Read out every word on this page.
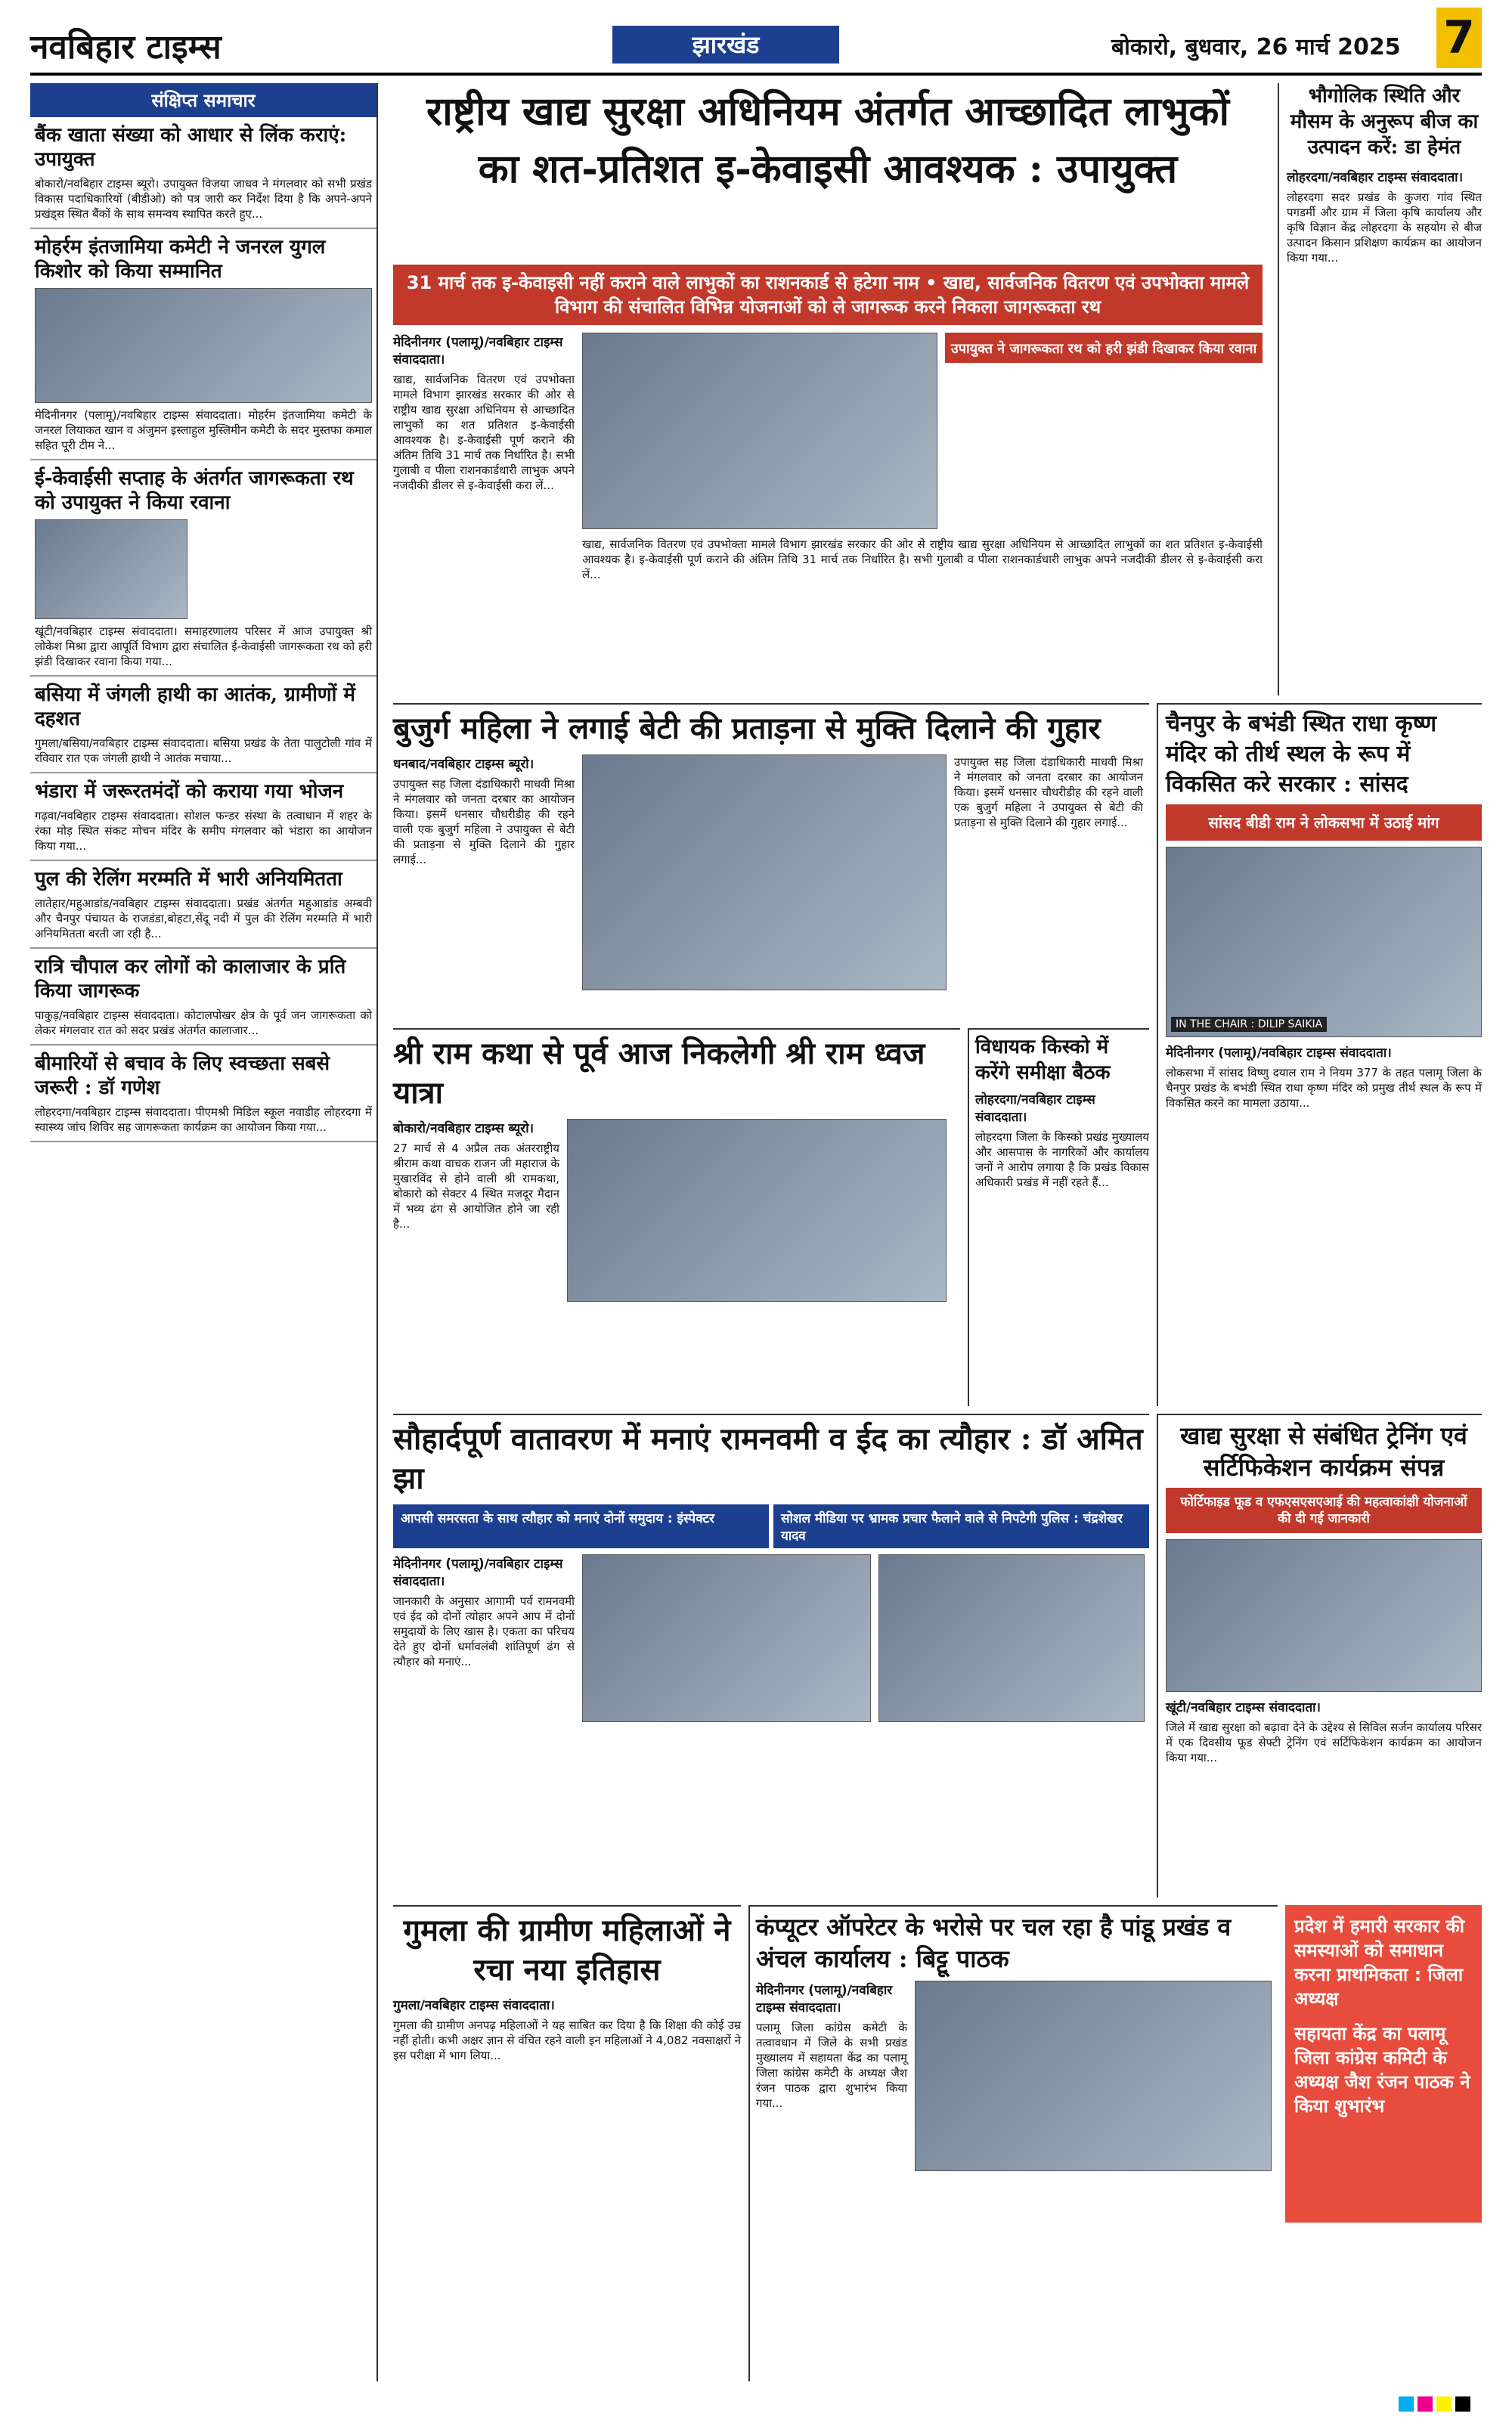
नवबिहार टाइम्स	झारखंड	बोकारो, बुधवार, 26 मार्च 2025 7
संक्षिप्त समाचार
बैंक खाता संख्या को आधार से लिंक कराएं: उपायुक्त

बोकारो/नवबिहार टाइम्स ब्यूरो। उपायुक्त विजया जाधव ने मंगलवार को सभी प्रखंड विकास पदाधिकारियों (बीडीओ) को पत्र जारी कर निर्देश दिया है कि अपने-अपने प्रखंड्स स्थित बैंकों के साथ समन्वय स्थापित करते हुए...

मोहर्रम इंतजामिया कमेटी ने जनरल युगल किशोर को किया सम्मानित

मेदिनीनगर (पलामू)/नवबिहार टाइम्स संवाददाता। मोहर्रम इंतजामिया कमेटी के जनरल लियाकत खान व अंजुमन इस्लाहुल मुस्लिमीन कमेटी के सदर मुस्तफा कमाल सहित पूरी टीम ने...

ई-केवाईसी सप्ताह के अंतर्गत जागरूकता रथ को उपायुक्त ने किया रवाना

खूंटी/नवबिहार टाइम्स संवाददाता। समाहरणालय परिसर में आज उपायुक्त श्री लोकेश मिश्रा द्वारा आपूर्ति विभाग द्वारा संचालित ई-केवाईसी जागरूकता रथ को हरी झंडी दिखाकर रवाना किया गया...

बसिया में जंगली हाथी का आतंक, ग्रामीणों में दहशत

गुमला/बसिया/नवबिहार टाइम्स संवाददाता। बसिया प्रखंड के तेता पालुटोली गांव में रविवार रात एक जंगली हाथी ने आतंक मचाया...

भंडारा में जरूरतमंदों को कराया गया भोजन

गढ़वा/नवबिहार टाइम्स संवाददाता। सोशल फन्डर संस्था के तत्वाधान में शहर के रंका मोड़ स्थित संकट मोचन मंदिर के समीप मंगलवार को भंडारा का आयोजन किया गया...

पुल की रेलिंग मरम्मति में भारी अनियमितता

लातेहार/महुआडांड/नवबिहार टाइम्स संवाददाता। प्रखंड अंतर्गत महुआडांड अम्बवी और चैनपुर पंचायत के राजडंडा,बोहटा,सेंदू नदी में पुल की रेलिंग मरम्मति में भारी अनियमितता बरती जा रही है...

रात्रि चौपाल कर लोगों को कालाजार के प्रति किया जागरूक

पाकुड़/नवबिहार टाइम्स संवाददाता। कोटालपोखर क्षेत्र के पूर्व जन जागरूकता को लेकर मंगलवार रात को सदर प्रखंड अंतर्गत कालाजार...

बीमारियों से बचाव के लिए स्वच्छता सबसे जरूरी : डॉ गणेश

लोहरदगा/नवबिहार टाइम्स संवाददाता। पीएमश्री मिडिल स्कूल नवाडीह लोहरदगा में स्वास्थ्य जांच शिविर सह जागरूकता कार्यक्रम का आयोजन किया गया...

राष्ट्रीय खाद्य सुरक्षा अधिनियम अंतर्गत आच्छादित लाभुकों का शत-प्रतिशत इ-केवाइसी आवश्यक : उपायुक्त
31 मार्च तक इ-केवाइसी नहीं कराने वाले लाभुकों का राशनकार्ड से हटेगा नाम • खाद्य, सार्वजनिक वितरण एवं उपभोक्ता मामले विभाग की संचालित विभिन्न योजनाओं को ले जागरूक करने निकला जागरूकता रथ
मेदिनीनगर (पलामू)/नवबिहार टाइम्स संवाददाता।
खाद्य, सार्वजनिक वितरण एवं उपभोक्ता मामले विभाग झारखंड सरकार की ओर से राष्ट्रीय खाद्य सुरक्षा अधिनियम से आच्छादित लाभुकों का शत प्रतिशत इ-केवाईसी आवश्यक है। इ-केवाईसी पूर्ण कराने की अंतिम तिथि 31 मार्च तक निर्धारित है। सभी गुलाबी व पीला राशनकार्डधारी लाभुक अपने नजदीकी डीलर से इ-केवाईसी करा लें...
उपायुक्त ने जागरूकता रथ को हरी झंडी दिखाकर किया रवाना
खाद्य, सार्वजनिक वितरण एवं उपभोक्ता मामले विभाग झारखंड सरकार की ओर से राष्ट्रीय खाद्य सुरक्षा अधिनियम से आच्छादित लाभुकों का शत प्रतिशत इ-केवाईसी आवश्यक है। इ-केवाईसी पूर्ण कराने की अंतिम तिथि 31 मार्च तक निर्धारित है। सभी गुलाबी व पीला राशनकार्डधारी लाभुक अपने नजदीकी डीलर से इ-केवाईसी करा लें...
भौगोलिक स्थिति और मौसम के अनुरूप बीज का उत्पादन करें: डा हेमंत
लोहरदगा/नवबिहार टाइम्स संवाददाता।
लोहरदगा सदर प्रखंड के कुजरा गांव स्थित पगडर्मी और ग्राम में जिला कृषि कार्यालय और कृषि विज्ञान केंद्र लोहरदगा के सहयोग से बीज उत्पादन किसान प्रशिक्षण कार्यक्रम का आयोजन किया गया...
बुजुर्ग महिला ने लगाई बेटी की प्रताड़ना से मुक्ति दिलाने की गुहार
धनबाद/नवबिहार टाइम्स ब्यूरो।
उपायुक्त सह जिला दंडाधिकारी माधवी मिश्रा ने मंगलवार को जनता दरबार का आयोजन किया। इसमें धनसार चौधरीडीह की रहने वाली एक बुजुर्ग महिला ने उपायुक्त से बेटी की प्रताड़ना से मुक्ति दिलाने की गुहार लगाई...
उपायुक्त सह जिला दंडाधिकारी माधवी मिश्रा ने मंगलवार को जनता दरबार का आयोजन किया। इसमें धनसार चौधरीडीह की रहने वाली एक बुजुर्ग महिला ने उपायुक्त से बेटी की प्रताड़ना से मुक्ति दिलाने की गुहार लगाई...
चैनपुर के बभंडी स्थित राधा कृष्ण मंदिर को तीर्थ स्थल के रूप में विकसित करे सरकार : सांसद
सांसद बीडी राम ने लोकसभा में उठाई मांग
IN THE CHAIR : DILIP SAIKIA
मेदिनीनगर (पलामू)/नवबिहार टाइम्स संवाददाता।
लोकसभा में सांसद विष्णु दयाल राम ने नियम 377 के तहत पलामू जिला के चैनपुर प्रखंड के बभंडी स्थित राधा कृष्ण मंदिर को प्रमुख तीर्थ स्थल के रूप में विकसित करने का मामला उठाया...
श्री राम कथा से पूर्व आज निकलेगी श्री राम ध्वज यात्रा
बोकारो/नवबिहार टाइम्स ब्यूरो।
27 मार्च से 4 अप्रैल तक अंतरराष्ट्रीय श्रीराम कथा वाचक राजन जी महाराज के मुखारविंद से होने वाली श्री रामकथा, बोकारो को सेक्टर 4 स्थित मजदूर मैदान में भव्य ढंग से आयोजित होने जा रही है...
विधायक किस्को में करेंगे समीक्षा बैठक
लोहरदगा/नवबिहार टाइम्स संवाददाता।
लोहरदगा जिला के किस्को प्रखंड मुख्यालय और आसपास के नागरिकों और कार्यालय जनों ने आरोप लगाया है कि प्रखंड विकास अधिकारी प्रखंड में नहीं रहते हैं...
खाद्य सुरक्षा से संबंधित ट्रेनिंग एवं सर्टिफिकेशन कार्यक्रम संपन्न
फोर्टिफाइड फूड व एफएसएसएआई की महत्वाकांक्षी योजनाओं की दी गई जानकारी
खूंटी/नवबिहार टाइम्स संवाददाता।
जिले में खाद्य सुरक्षा को बढ़ावा देने के उद्देश्य से सिविल सर्जन कार्यालय परिसर में एक दिवसीय फूड सेफ्टी ट्रेनिंग एवं सर्टिफिकेशन कार्यक्रम का आयोजन किया गया...
सौहार्दपूर्ण वातावरण में मनाएं रामनवमी व ईद का त्यौहार : डॉ अमित झा
आपसी समरसता के साथ त्यौहार को मनाएं दोनों समुदाय : इंस्पेक्टर	सोशल मीडिया पर भ्रामक प्रचार फैलाने वाले से निपटेगी पुलिस : चंद्रशेखर यादव
मेदिनीनगर (पलामू)/नवबिहार टाइम्स संवाददाता।
जानकारी के अनुसार आगामी पर्व रामनवमी एवं ईद को दोनों त्योहार अपने आप में दोनों समुदायों के लिए खास है। एकता का परिचय देते हुए दोनों धर्मावलंबी शांतिपूर्ण ढंग से त्यौहार को मनाएं...
गुमला की ग्रामीण महिलाओं ने रचा नया इतिहास
गुमला/नवबिहार टाइम्स संवाददाता।
गुमला की ग्रामीण अनपढ़ महिलाओं ने यह साबित कर दिया है कि शिक्षा की कोई उम्र नहीं होती। कभी अक्षर ज्ञान से वंचित रहने वाली इन महिलाओं ने 4,082 नवसाक्षरों ने इस परीक्षा में भाग लिया...
कंप्यूटर ऑपरेटर के भरोसे पर चल रहा है पांडू प्रखंड व अंचल कार्यालय : बिट्टू पाठक
मेदिनीनगर (पलामू)/नवबिहार टाइम्स संवाददाता।
पलामू जिला कांग्रेस कमेटी के तत्वावधान में जिले के सभी प्रखंड मुख्यालय में सहायता केंद्र का पलामू जिला कांग्रेस कमेटी के अध्यक्ष जैश रंजन पाठक द्वारा शुभारंभ किया गया...
प्रदेश में हमारी सरकार की समस्याओं को समाधान करना प्राथमिकता : जिला अध्यक्ष
सहायता केंद्र का पलामू जिला कांग्रेस कमिटी के अध्यक्ष जैश रंजन पाठक ने किया शुभारंभ
